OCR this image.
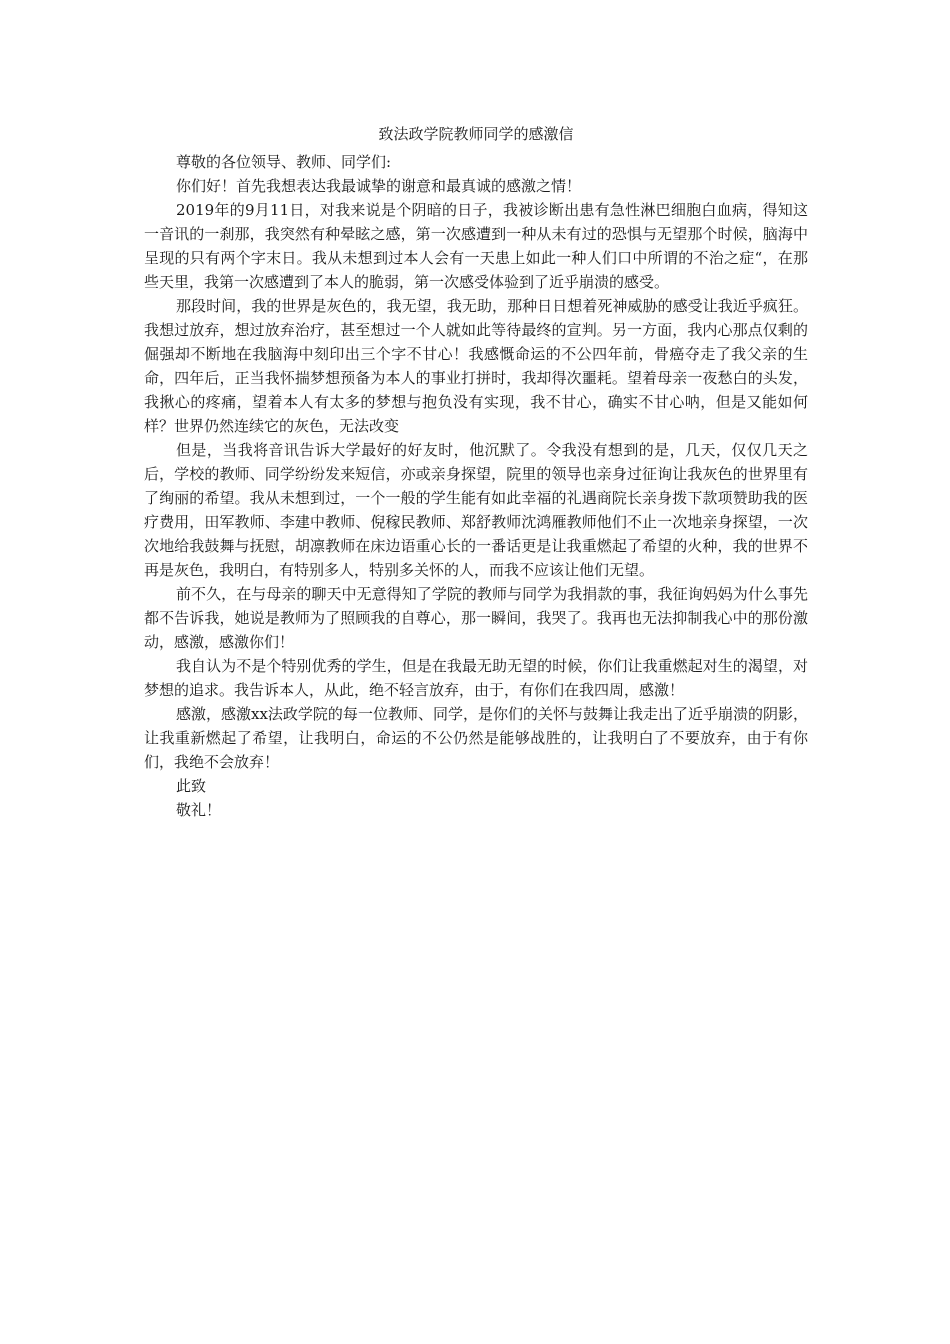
致法政学院教师同学的感激信

尊敬的各位领导、教师、同学们:

你们好！首先我想表达我最诚挚的谢意和最真诚的感激之情！

2019年的9月11日，对我来说是个阴暗的日子，我被诊断出患有急性淋巴细胞白血病，得知这一音讯的一刹那，我突然有种晕眩之感，第一次感遭到一种从未有过的恐惧与无望那个时候，脑海中呈现的只有两个字末日。我从未想到过本人会有一天患上如此一种人们口中所谓的不治之症“，在那些天里，我第一次感遭到了本人的脆弱，第一次感受体验到了近乎崩溃的感受。

那段时间，我的世界是灰色的，我无望，我无助，那种日日想着死神威胁的感受让我近乎疯狂。我想过放弃，想过放弃治疗，甚至想过一个人就如此等待最终的宣判。另一方面，我内心那点仅剩的倔强却不断地在我脑海中刻印出三个字不甘心！我感慨命运的不公四年前，骨癌夺走了我父亲的生命，四年后，正当我怀揣梦想预备为本人的事业打拼时，我却得次噩耗。望着母亲一夜愁白的头发，我揪心的疼痛，望着本人有太多的梦想与抱负没有实现，我不甘心，确实不甘心呐，但是又能如何样？世界仍然连续它的灰色，无法改变

但是，当我将音讯告诉大学最好的好友时，他沉默了。令我没有想到的是，几天，仅仅几天之后，学校的教师、同学纷纷发来短信，亦或亲身探望，院里的领导也亲身过征询让我灰色的世界里有了绚丽的希望。我从未想到过，一个一般的学生能有如此幸福的礼遇商院长亲身拨下款项赞助我的医疗费用，田军教师、李建中教师、倪稼民教师、郑舒教师沈鸿雁教师他们不止一次地亲身探望，一次次地给我鼓舞与抚慰，胡凛教师在床边语重心长的一番话更是让我重燃起了希望的火种，我的世界不再是灰色，我明白，有特别多人，特别多关怀的人，而我不应该让他们无望。

前不久，在与母亲的聊天中无意得知了学院的教师与同学为我捐款的事，我征询妈妈为什么事先都不告诉我，她说是教师为了照顾我的自尊心，那一瞬间，我哭了。我再也无法抑制我心中的那份激动，感激，感激你们！

我自认为不是个特别优秀的学生，但是在我最无助无望的时候，你们让我重燃起对生的渴望，对梦想的追求。我告诉本人，从此，绝不轻言放弃，由于，有你们在我四周，感激！

感激，感激xx法政学院的每一位教师、同学，是你们的关怀与鼓舞让我走出了近乎崩溃的阴影，让我重新燃起了希望，让我明白，命运的不公仍然是能够战胜的，让我明白了不要放弃，由于有你们，我绝不会放弃！

此致

敬礼！
